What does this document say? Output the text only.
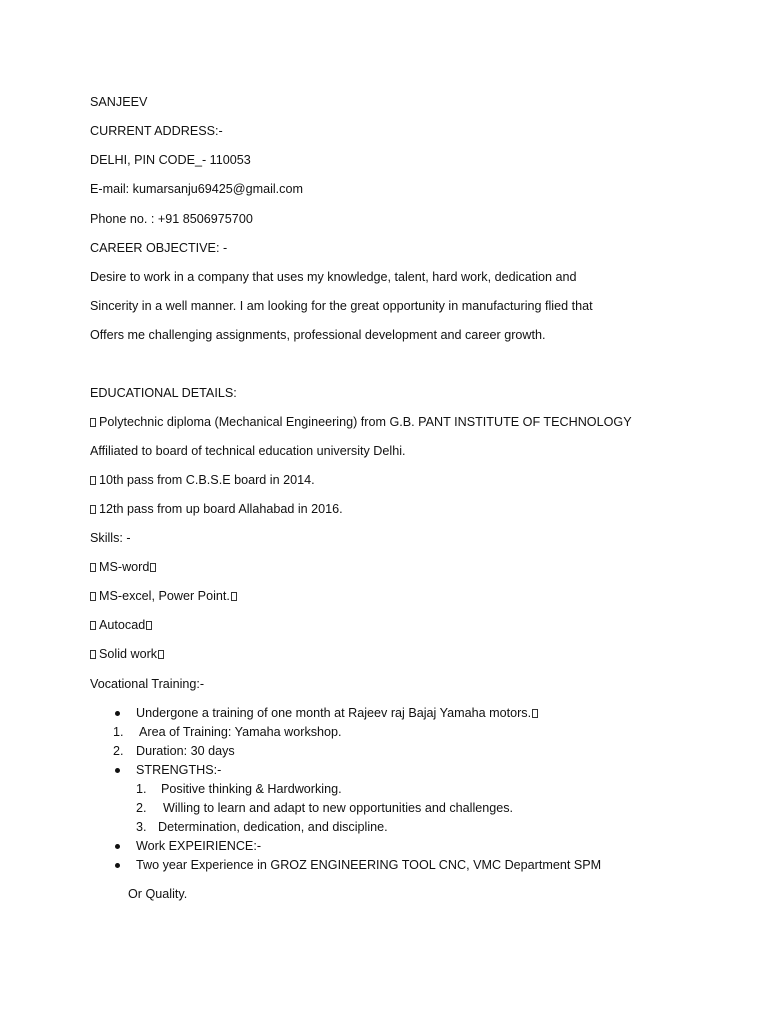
SANJEEV
CURRENT ADDRESS:-
DELHI, PIN CODE_- 110053
E-mail: kumarsanju69425@gmail.com
Phone no. : +91 8506975700
CAREER OBJECTIVE: -
Desire to work in a company that uses my knowledge, talent, hard work, dedication and
Sincerity in a well manner. I am looking for the great opportunity in manufacturing flied that
Offers me challenging assignments, professional development and career growth.
EDUCATIONAL DETAILS:
Polytechnic diploma (Mechanical Engineering) from G.B. PANT INSTITUTE OF TECHNOLOGY
Affiliated to board of technical education university Delhi.
10th pass from C.B.S.E board in 2014.
12th pass from up board Allahabad in 2016.
Skills: -
MS-word
MS-excel, Power Point.
Autocad
Solid work
Vocational Training:-
Undergone a training of one month at Rajeev raj Bajaj Yamaha motors.
1. Area of Training: Yamaha workshop.
2. Duration: 30 days
STRENGTHS:-
1. Positive thinking & Hardworking.
2. Willing to learn and adapt to new opportunities and challenges.
3. Determination, dedication, and discipline.
Work EXPEIRIENCE:-
Two year Experience in GROZ ENGINEERING TOOL CNC, VMC Department SPM
Or Quality.
